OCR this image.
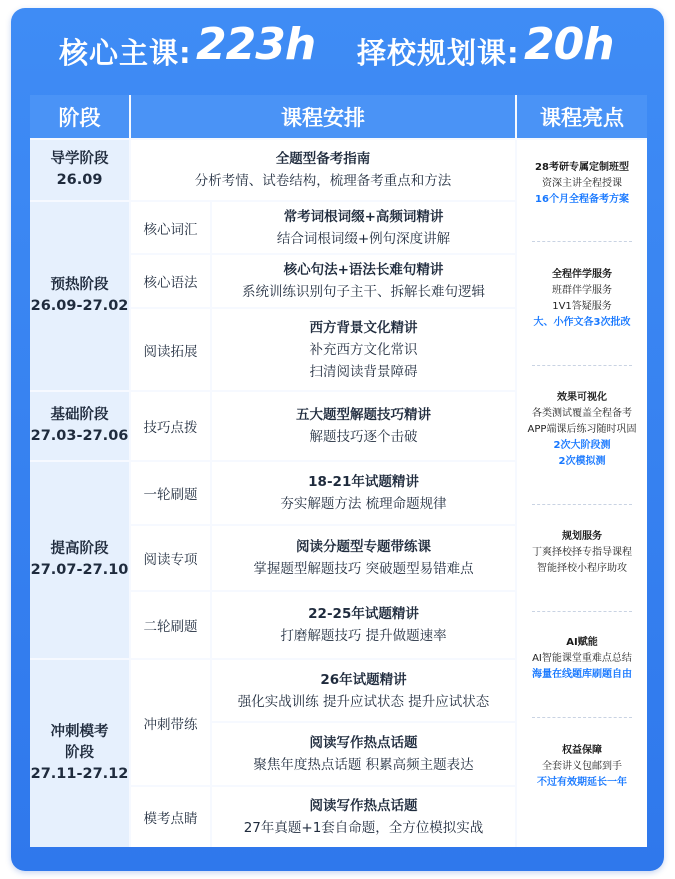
核心主课: 223h 择校规划课: 20h
阶段	课程安排	课程亮点
导学阶段
26.09
预热阶段
26.09-27.02
基础阶段
27.03-27.06
提高阶段
27.07-27.10
冲刺模考
阶段
27.11-27.12
全题型备考指南
分析考情、试卷结构，梳理备考重点和方法
核心词汇
常考词根词缀+高频词精讲
结合词根词缀+例句深度讲解
核心语法
核心句法+语法长难句精讲
系统训练识别句子主干、拆解长难句逻辑
阅读拓展
西方背景文化精讲
补充西方文化常识
扫清阅读背景障碍
技巧点拨
五大题型解题技巧精讲
解题技巧逐个击破
一轮刷题
18-21年试题精讲
夯实解题方法 梳理命题规律
阅读专项
阅读分题型专题带练课
掌握题型解题技巧 突破题型易错难点
二轮刷题
22-25年试题精讲
打磨解题技巧 提升做题速率
冲刺带练
26年试题精讲
强化实战训练 提升应试状态 提升应试状态
阅读写作热点话题
聚焦年度热点话题 积累高频主题表达
模考点睛
阅读写作热点话题
27年真题+1套自命题，全方位模拟实战
28考研专属定制班型
资深主讲全程授课
16个月全程备考方案
全程伴学服务
班群伴学服务
1V1答疑服务
大、小作文各3次批改
效果可视化
各类测试覆盖全程备考
APP端课后练习随时巩固
2次大阶段测
2次模拟测
规划服务
丁爽择校择专指导课程
智能择校小程序助攻
AI赋能
AI智能课堂重难点总结
海量在线题库刷题自由
权益保障
全套讲义包邮到手
不过有效期延长一年
